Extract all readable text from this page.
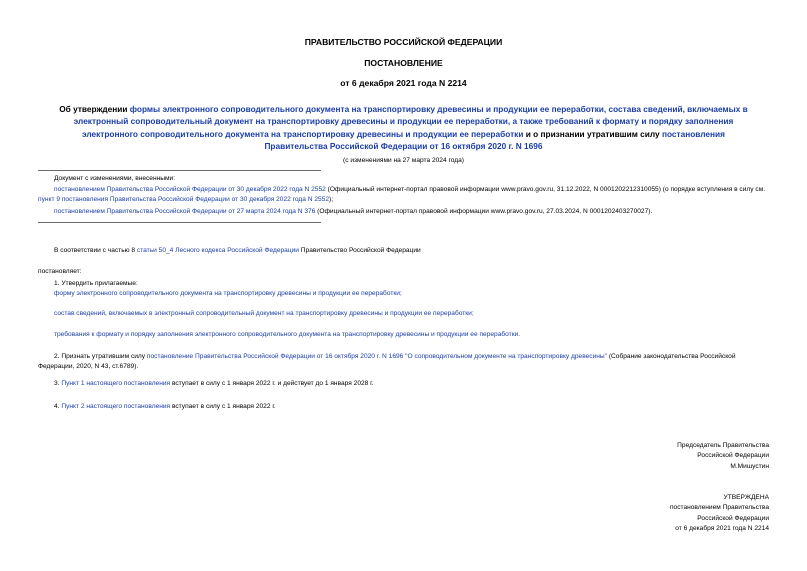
ПРАВИТЕЛЬСТВО РОССИЙСКОЙ ФЕДЕРАЦИИ
ПОСТАНОВЛЕНИЕ
от 6 декабря 2021 года N 2214
Об утверждении формы электронного сопроводительного документа на транспортировку древесины и продукции ее переработки, состава сведений, включаемых в электронный сопроводительный документ на транспортировку древесины и продукции ее переработки, а также требований к формату и порядку заполнения электронного сопроводительного документа на транспортировку древесины и продукции ее переработки и о признании утратившим силу постановления Правительства Российской Федерации от 16 октября 2020 г. N 1696
(с изменениями на 27 марта 2024 года)
Документ с изменениями, внесенными:
постановлением Правительства Российской Федерации от 30 декабря 2022 года N 2552 (Официальный интернет-портал правовой информации www.pravo.gov.ru, 31.12.2022, N 0001202212310055) (о порядке вступления в силу см. пункт 9 постановления Правительства Российской Федерации от 30 декабря 2022 года N 2552);
постановлением Правительства Российской Федерации от 27 марта 2024 года N 376 (Официальный интернет-портал правовой информации www.pravo.gov.ru, 27.03.2024, N 0001202403270027).
В соответствии с частью 8 статьи 50_4 Лесного кодекса Российской Федерации Правительство Российской Федерации
постановляет:
1. Утвердить прилагаемые:
форму электронного сопроводительного документа на транспортировку древесины и продукции ее переработки;
состав сведений, включаемых в электронный сопроводительный документ на транспортировку древесины и продукции ее переработки;
требования к формату и порядку заполнения электронного сопроводительного документа на транспортировку древесины и продукции ее переработки.
2. Признать утратившим силу постановление Правительства Российской Федерации от 16 октября 2020 г. N 1696 "О сопроводительном документе на транспортировку древесины" (Собрание законодательства Российской Федерации, 2020, N 43, ст.6789).
3. Пункт 1 настоящего постановления вступает в силу с 1 января 2022 г. и действует до 1 января 2028 г.
4. Пункт 2 настоящего постановления вступает в силу с 1 января 2022 г.
Председатель Правительства
Российской Федерации
М.Мишустин
УТВЕРЖДЕНА
постановлением Правительства
Российской Федерации
от 6 декабря 2021 года N 2214
